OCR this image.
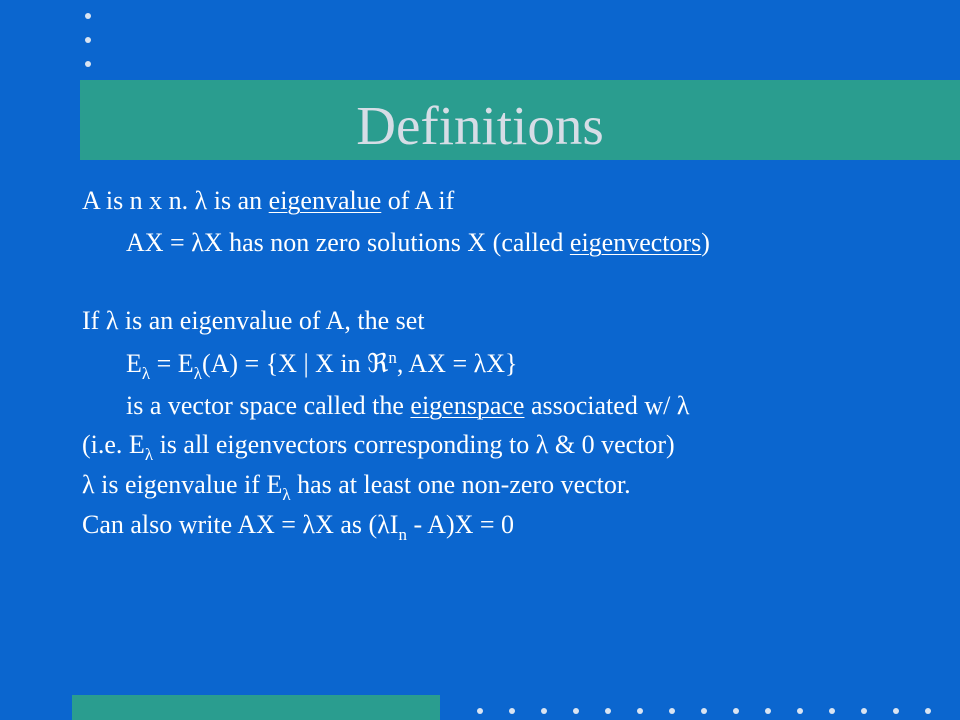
Definitions
A is n x n. λ is an eigenvalue of A if
AX = λX has non zero solutions X (called eigenvectors)
If λ is an eigenvalue of A, the set
$E_\lambda = E_\lambda(A) = \{X$ | X in ℜ$^n$, AX = λX}
is a vector space called the eigenspace associated w/ λ
(i.e. $E_\lambda$ is all eigenvectors corresponding to λ & 0 vector)
λ is eigenvalue if $E_\lambda$ has at least one non-zero vector.
Can also write AX = λX as $(\lambda I_n - A)X = 0$
